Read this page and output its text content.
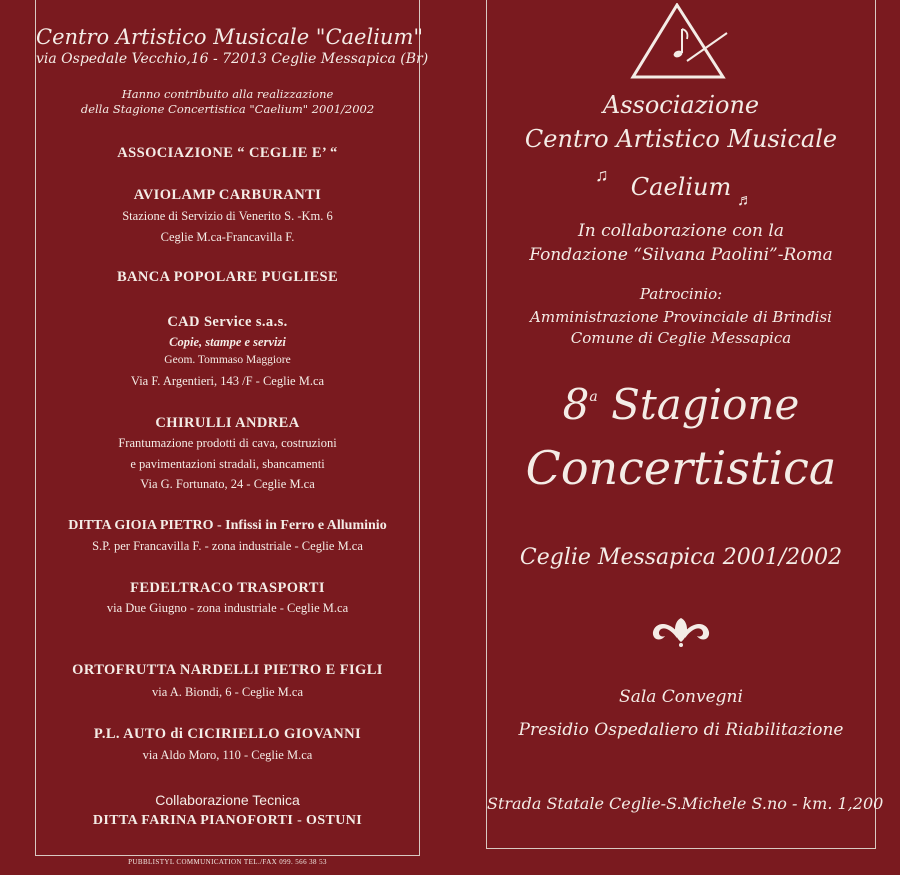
Centro Artistico Musicale "Caelium"
via Ospedale Vecchio,16 - 72013 Ceglie Messapica (Br)
Hanno contribuito alla realizzazione
della Stagione Concertistica "Caelium" 2001/2002
ASSOCIAZIONE “ CEGLIE E’ “
AVIOLAMP CARBURANTI
Stazione di Servizio di Venerito S. -Km. 6
Ceglie M.ca-Francavilla F.
BANCA POPOLARE PUGLIESE
CAD Service s.a.s.
Copie, stampe e servizi
Geom. Tommaso Maggiore
Via F. Argentieri, 143 /F - Ceglie M.ca
CHIRULLI ANDREA
Frantumazione prodotti di cava, costruzioni
e pavimentazioni stradali, sbancamenti
Via G. Fortunato, 24 - Ceglie M.ca
DITTA GIOIA PIETRO - Infissi in Ferro e Alluminio
S.P. per Francavilla F. - zona industriale - Ceglie M.ca
FEDELTRACO TRASPORTI
via Due Giugno - zona industriale - Ceglie M.ca
ORTOFRUTTA NARDELLI PIETRO E FIGLI
via A. Biondi, 6 - Ceglie M.ca
P.L. AUTO di CICIRIELLO GIOVANNI
via Aldo Moro, 110 - Ceglie M.ca
Collaborazione Tecnica
DITTA FARINA PIANOFORTI - OSTUNI
PUBBLISTYL COMMUNICATION TEL./FAX 099. 566 38 53
Associazione
Centro Artistico Musicale
♫ Caelium ♬
In collaborazione con la
Fondazione “Silvana Paolini”-Roma
Patrocinio:
Amministrazione Provinciale di Brindisi
Comune di Ceglie Messapica
8$^a$ Stagione
Concertistica
Ceglie Messapica 2001/2002
Sala Convegni
Presidio Ospedaliero di Riabilitazione
Strada Statale Ceglie-S.Michele S.no - km. 1,200
